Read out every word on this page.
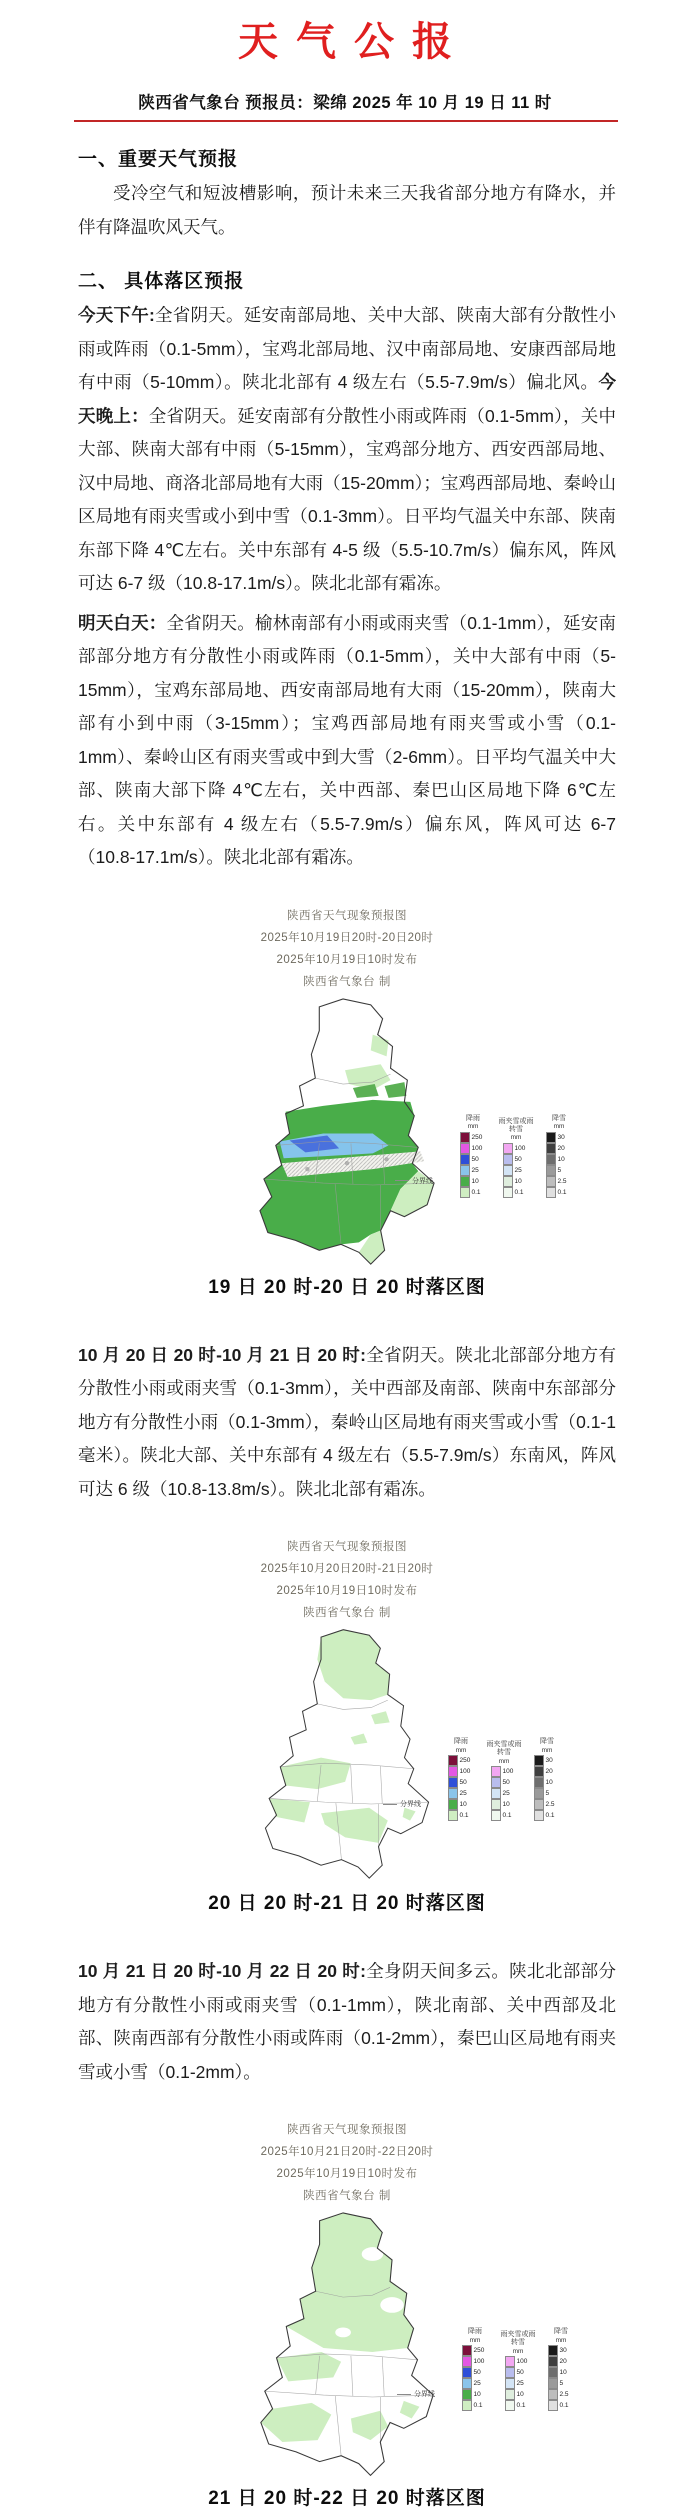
天气公报
陕西省气象台 预报员：梁绵 2025 年 10 月 19 日 11 时
一、重要天气预报

受冷空气和短波槽影响，预计未来三天我省部分地方有降水，并伴有降温吹风天气。

二、 具体落区预报

今天下午:全省阴天。延安南部局地、关中大部、陕南大部有分散性小雨或阵雨（0.1-5mm），宝鸡北部局地、汉中南部局地、安康西部局地有中雨（5-10mm）。陕北北部有 4 级左右（5.5-7.9m/s）偏北风。今天晚上：全省阴天。延安南部有分散性小雨或阵雨（0.1-5mm），关中大部、陕南大部有中雨（5-15mm），宝鸡部分地方、西安西部局地、汉中局地、商洛北部局地有大雨（15-20mm）；宝鸡西部局地、秦岭山区局地有雨夹雪或小到中雪（0.1-3mm）。日平均气温关中东部、陕南东部下降 4℃左右。关中东部有 4-5 级（5.5-10.7m/s）偏东风，阵风可达 6-7 级（10.8-17.1m/s）。陕北北部有霜冻。

明天白天：全省阴天。榆林南部有小雨或雨夹雪（0.1-1mm），延安南部部分地方有分散性小雨或阵雨（0.1-5mm），关中大部有中雨（5-15mm），宝鸡东部局地、西安南部局地有大雨（15-20mm），陕南大部有小到中雨（3-15mm）；宝鸡西部局地有雨夹雪或小雪（0.1-1mm）、秦岭山区有雨夹雪或中到大雪（2-6mm）。日平均气温关中大部、陕南大部下降 4℃左右，关中西部、秦巴山区局地下降 6℃左右。关中东部有 4 级左右（5.5-7.9m/s）偏东风，阵风可达 6-7（10.8-17.1m/s）。陕北北部有霜冻。

陕西省天气现象预报图
2025年10月19日20时-20日20时
2025年10月19日10时发布
陕西省气象台 制
降雨
mm
250
100
50
25
10
0.1
雨夹雪或雨转雪
mm
100
50
25
10
0.1
降雪
mm
30
20
10
5
2.5
0.1
分界线
19 日 20 时-20 日 20 时落区图

10 月 20 日 20 时-10 月 21 日 20 时:全省阴天。陕北北部部分地方有分散性小雨或雨夹雪（0.1-3mm），关中西部及南部、陕南中东部部分地方有分散性小雨（0.1-3mm），秦岭山区局地有雨夹雪或小雪（0.1-1 毫米）。陕北大部、关中东部有 4 级左右（5.5-7.9m/s）东南风，阵风可达 6 级（10.8-13.8m/s）。陕北北部有霜冻。

陕西省天气现象预报图
2025年10月20日20时-21日20时
2025年10月19日10时发布
陕西省气象台 制
降雨
mm
250
100
50
25
10
0.1
雨夹雪或雨转雪
mm
100
50
25
10
0.1
降雪
mm
30
20
10
5
2.5
0.1
分界线
20 日 20 时-21 日 20 时落区图

10 月 21 日 20 时-10 月 22 日 20 时:全身阴天间多云。陕北北部部分地方有分散性小雨或雨夹雪（0.1-1mm），陕北南部、关中西部及北部、陕南西部有分散性小雨或阵雨（0.1-2mm），秦巴山区局地有雨夹雪或小雪（0.1-2mm）。

陕西省天气现象预报图
2025年10月21日20时-22日20时
2025年10月19日10时发布
陕西省气象台 制
降雨
mm
250
100
50
25
10
0.1
雨夹雪或雨转雪
mm
100
50
25
10
0.1
降雪
mm
30
20
10
5
2.5
0.1
分界线
21 日 20 时-22 日 20 时落区图
